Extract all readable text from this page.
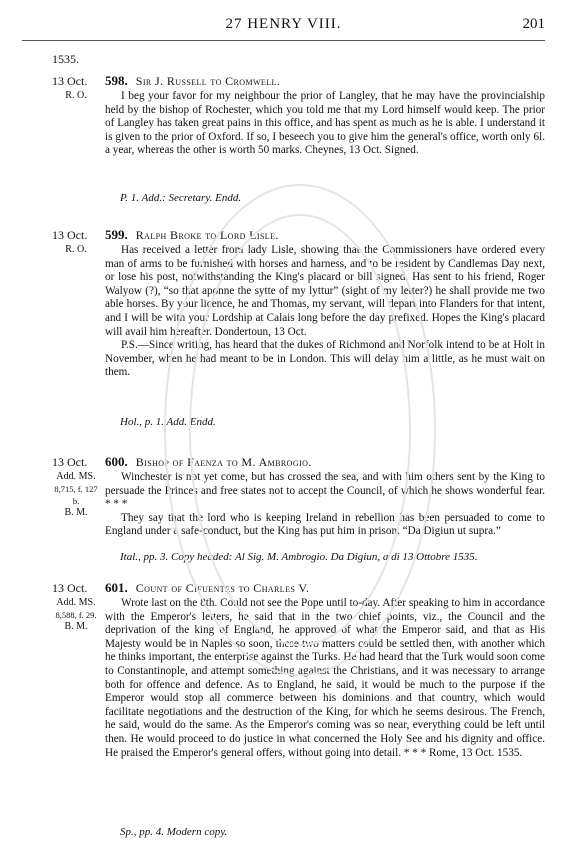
27 HENRY VIII.	201
1535.
13 Oct.
R. O.
598. Sir J. Russell to Cromwell.

I beg your favor for my neighbour the prior of Langley, that he may have the provincialship held by the bishop of Rochester, which you told me that my Lord himself would keep. The prior of Langley has taken great pains in this office, and has spent as much as he is able. I understand it is given to the prior of Oxford. If so, I beseech you to give him the general's office, worth only 6l. a year, whereas the other is worth 50 marks. Cheynes, 13 Oct. Signed.

P. 1. Add.: Secretary. Endd.
13 Oct.
R. O.
599. Ralph Broke to Lord Lisle.

Has received a letter from lady Lisle, showing that the Commissioners have ordered every man of arms to be furnished with horses and harness, and to be resident by Candlemas Day next, or lose his post, notwithstanding the King's placard or bill signed. Has sent to his friend, Roger Walyow (?), “so that aponne the sytte of my lyttur” (sight of my letter?) he shall provide me two able horses. By your licence, he and Thomas, my servant, will depart into Flanders for that intent, and I will be with your Lordship at Calais long before the day prefixed. Hopes the King's placard will avail him hereafter. Dondertoun, 13 Oct.

P.S.—Since writing, has heard that the dukes of Richmond and Norfolk intend to be at Holt in November, when he had meant to be in London. This will delay him a little, as he must wait on them.

Hol., p. 1. Add. Endd.
13 Oct.
Add. MS.
8,715, f. 127 b.
B. M.
600. Bishop of Faenza to M. Ambrogio.

Winchester is not yet come, but has crossed the sea, and with him others sent by the King to persuade the Princes and free states not to accept the Council, of which he shows wonderful fear. * * *

They say that the lord who is keeping Ireland in rebellion has been persuaded to come to England under a safe-conduct, but the King has put him in prison. “Da Digiun ut supra.”

Ital., pp. 3. Copy headed: Al Sig. M. Ambrogio. Da Digiun, a di 13 Ottobre 1535.
13 Oct.
Add. MS.
8,588, f. 29.
B. M.
601. Count of Cifuentes to Charles V.

Wrote last on the 8th. Could not see the Pope until to-day. After speaking to him in accordance with the Emperor's letters, he said that in the two chief points, viz., the Council and the deprivation of the king of England, he approved of what the Emperor said, and that as His Majesty would be in Naples so soon, these two matters could be settled then, with another which he thinks important, the enterprise against the Turks. He had heard that the Turk would soon come to Constantinople, and attempt something against the Christians, and it was necessary to arrange both for offence and defence. As to England, he said, it would be much to the purpose if the Emperor would stop all commerce between his dominions and that country, which would facilitate negotiations and the destruction of the King, for which he seems desirous. The French, he said, would do the same. As the Emperor's coming was so near, everything could be left until then. He would proceed to do justice in what concerned the Holy See and his dignity and office. He praised the Emperor's general offers, without going into detail. * * * Rome, 13 Oct. 1535.

Sp., pp. 4. Modern copy.
